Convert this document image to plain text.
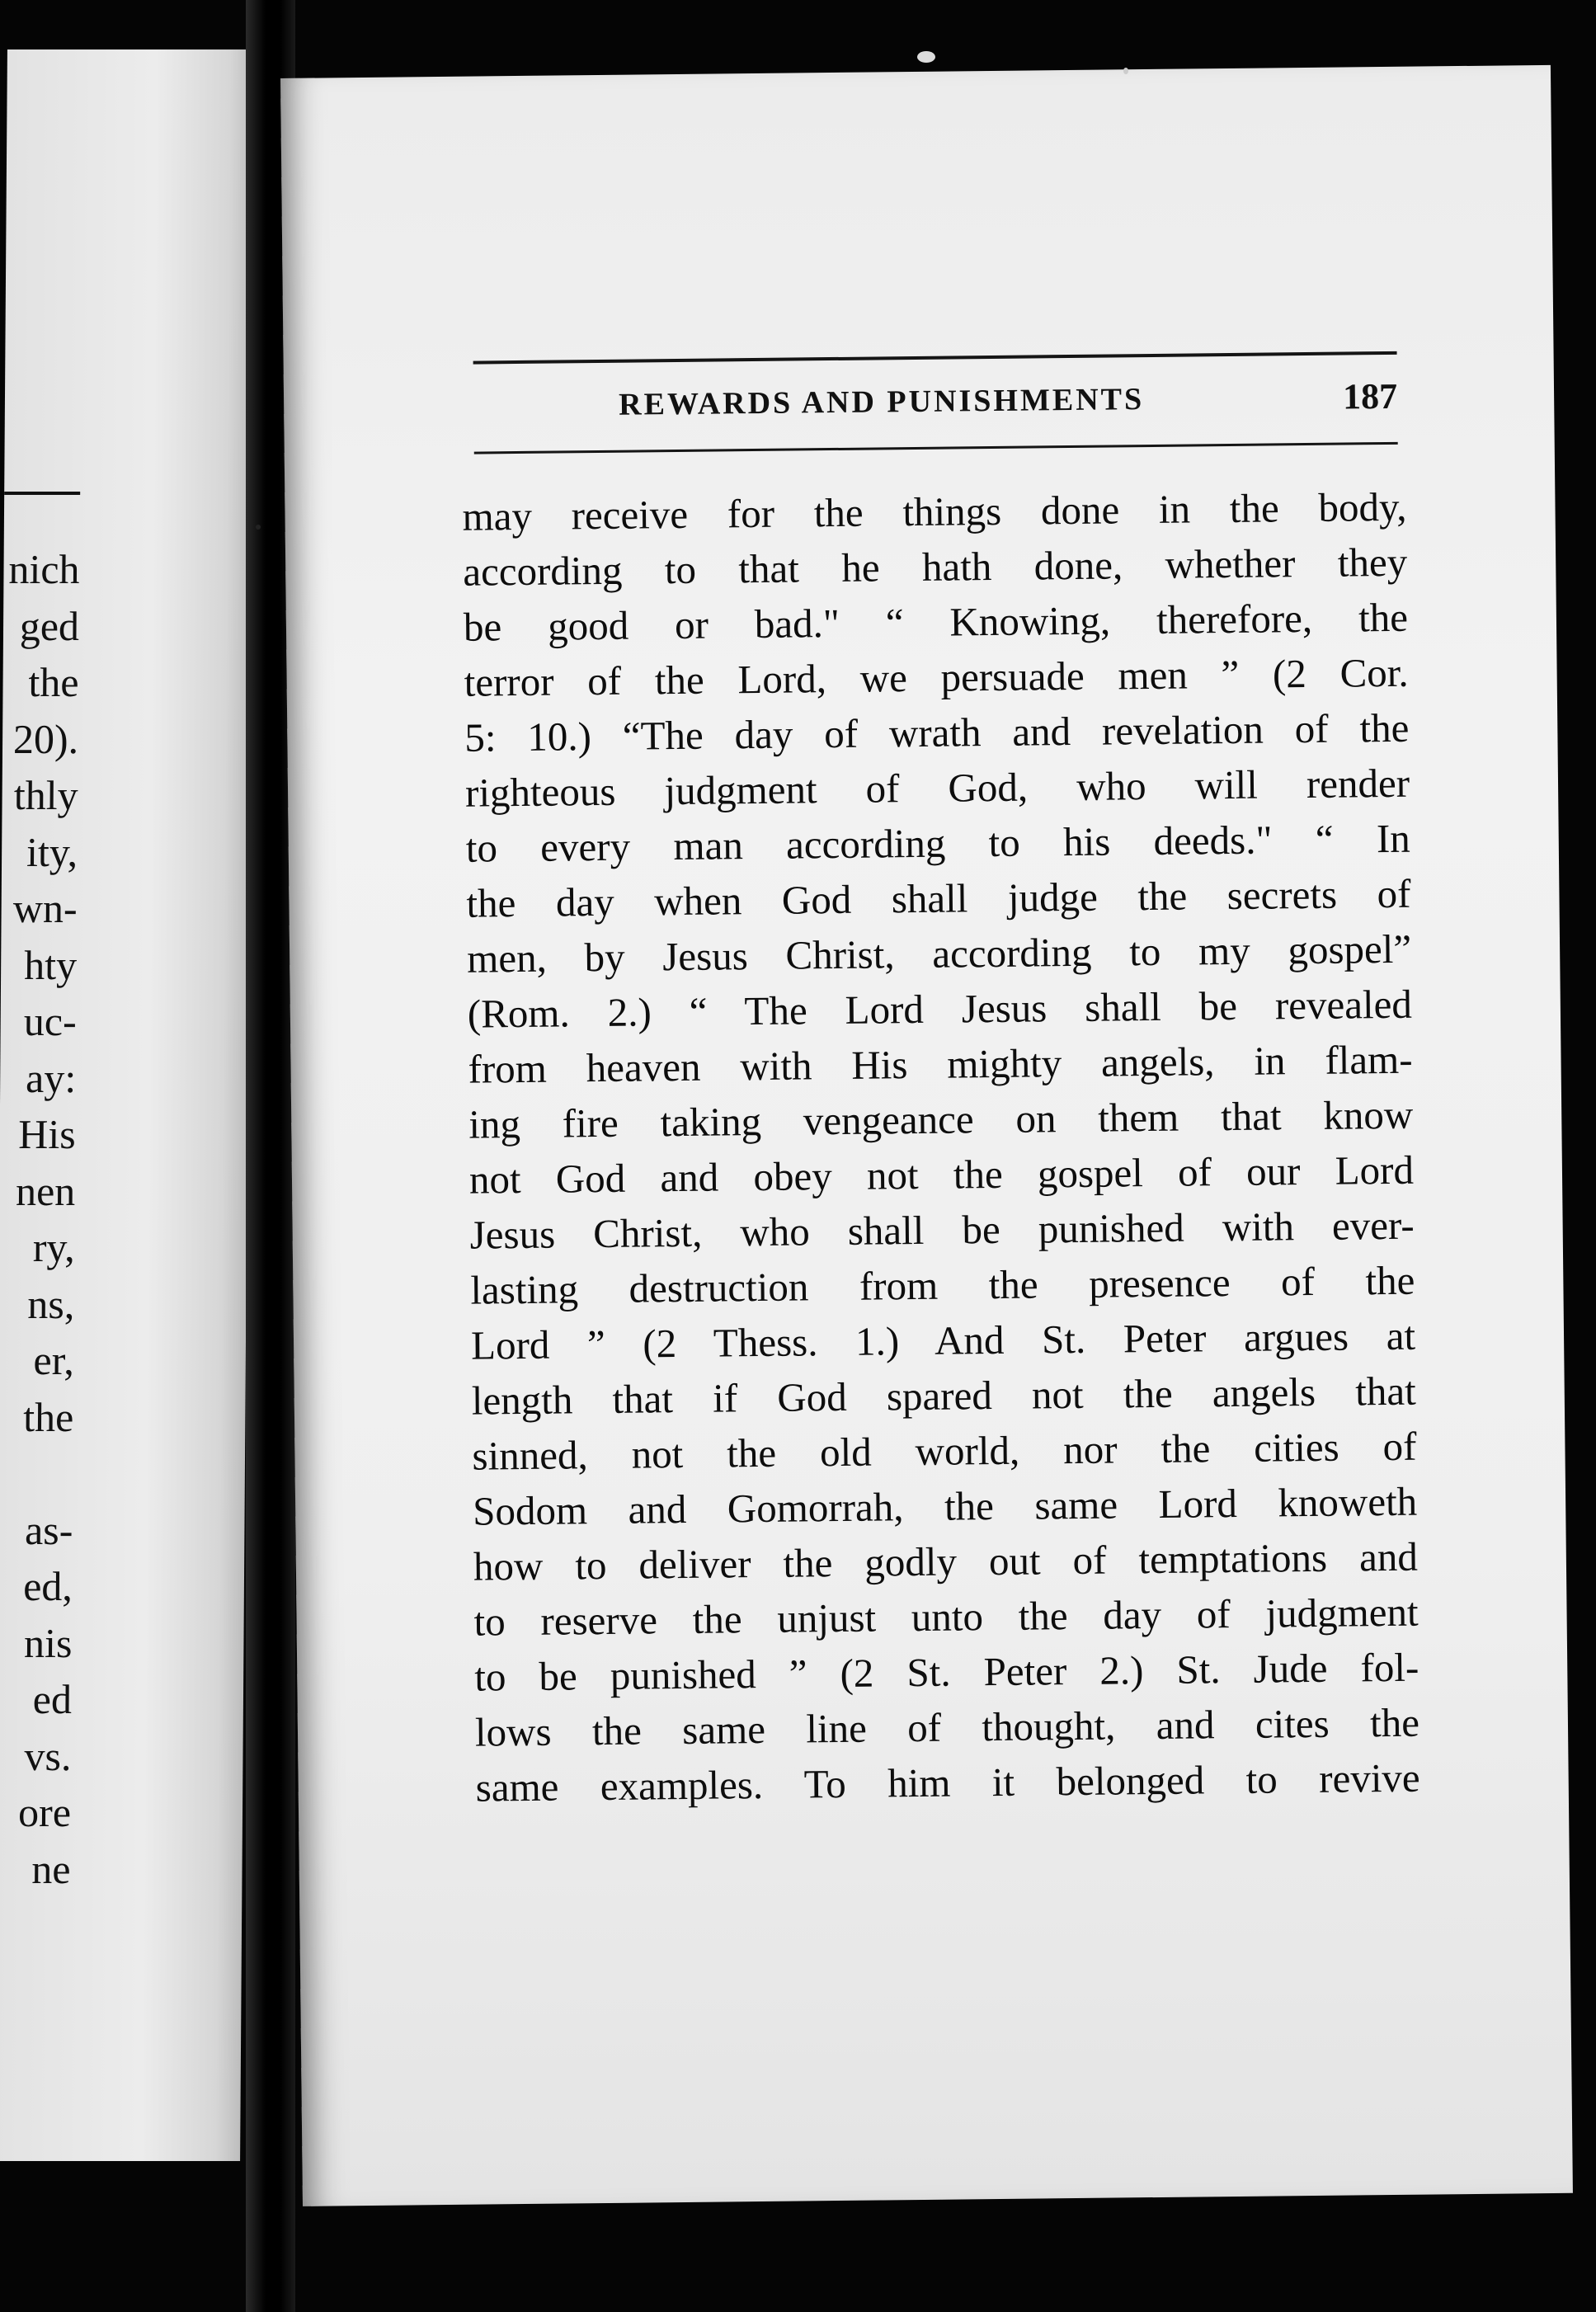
nich
ged
the
20).
thly
ity,
wn-
hty
uc-
ay:
His
nen
ry,
ns,
er,
the
as-
ed,
nis
ed
vs.
ore
ne
REWARDS AND PUNISHMENTS	187
may receive for the things done in the body,
according to that he hath done, whether they
be good or bad." “ Knowing, therefore, the
terror of the Lord, we persuade men ” (2 Cor.
5: 10.) “The day of wrath and revelation of the
righteous judgment of God, who will render
to every man according to his deeds." “ In
the day when God shall judge the secrets of
men, by Jesus Christ, according to my gospel”
(Rom. 2.) “ The Lord Jesus shall be revealed
from heaven with His mighty angels, in flam-
ing fire taking vengeance on them that know
not God and obey not the gospel of our Lord
Jesus Christ, who shall be punished with ever-
lasting destruction from the presence of the
Lord ” (2 Thess. 1.) And St. Peter argues at
length that if God spared not the angels that
sinned, not the old world, nor the cities of
Sodom and Gomorrah, the same Lord knoweth
how to deliver the godly out of temptations and
to reserve the unjust unto the day of judgment
to be punished ” (2 St. Peter 2.) St. Jude fol-
lows the same line of thought, and cites the
same examples. To him it belonged to revive
